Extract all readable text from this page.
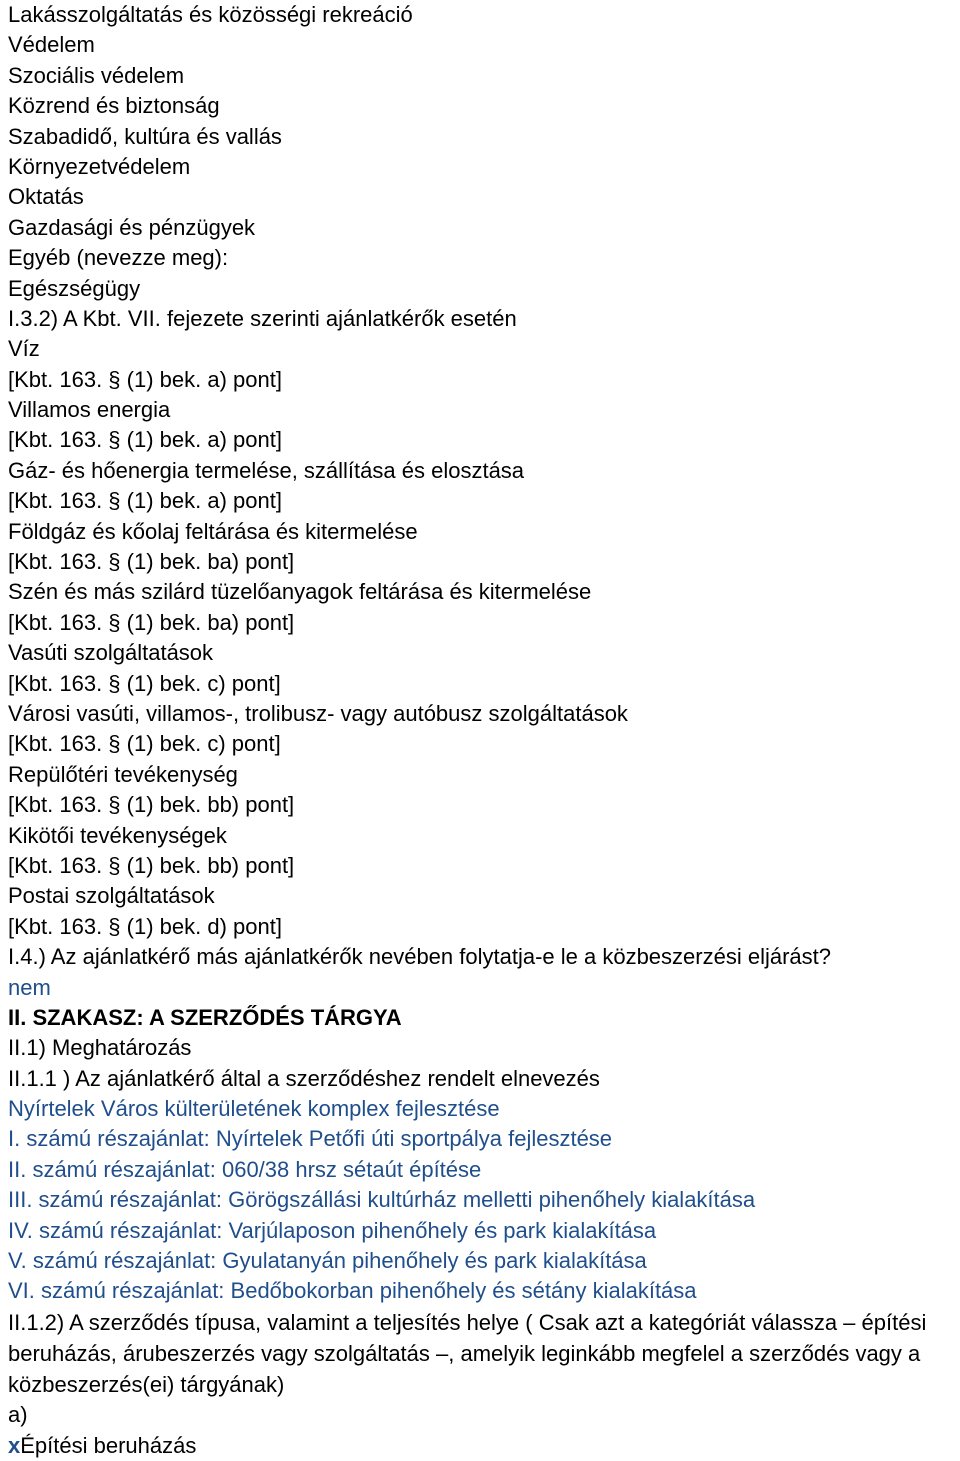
Lakásszolgáltatás és közösségi rekreáció
Védelem
Szociális védelem
Közrend és biztonság
Szabadidő, kultúra és vallás
Környezetvédelem
Oktatás
Gazdasági és pénzügyek
Egyéb (nevezze meg):
Egészségügy
I.3.2) A Kbt. VII. fejezete szerinti ajánlatkérők esetén
Víz
[Kbt. 163. § (1) bek. a) pont]
Villamos energia
[Kbt. 163. § (1) bek. a) pont]
Gáz- és hőenergia termelése, szállítása és elosztása
[Kbt. 163. § (1) bek. a) pont]
Földgáz és kőolaj feltárása és kitermelése
[Kbt. 163. § (1) bek. ba) pont]
Szén és más szilárd tüzelőanyagok feltárása és kitermelése
[Kbt. 163. § (1) bek. ba) pont]
Vasúti szolgáltatások
[Kbt. 163. § (1) bek. c) pont]
Városi vasúti, villamos-, trolibusz- vagy autóbusz szolgáltatások
[Kbt. 163. § (1) bek. c) pont]
Repülőtéri tevékenység
[Kbt. 163. § (1) bek. bb) pont]
Kikötői tevékenységek
[Kbt. 163. § (1) bek. bb) pont]
Postai szolgáltatások
[Kbt. 163. § (1) bek. d) pont]
I.4.) Az ajánlatkérő más ajánlatkérők nevében folytatja-e le a közbeszerzési eljárást?
nem
II. SZAKASZ: A SZERZŐDÉS TÁRGYA
II.1) Meghatározás
II.1.1 ) Az ajánlatkérő által a szerződéshez rendelt elnevezés
Nyírtelek Város külterületének komplex fejlesztése
I. számú részajánlat: Nyírtelek Petőfi úti sportpálya fejlesztése
II. számú részajánlat: 060/38 hrsz sétaút építése
III. számú részajánlat: Görögszállási kultúrház melletti pihenőhely kialakítása
IV. számú részajánlat: Varjúlaposon pihenőhely és park kialakítása
V. számú részajánlat: Gyulatanyán pihenőhely és park kialakítása
VI. számú részajánlat: Bedőbokorban pihenőhely és sétány kialakítása
II.1.2) A szerződés típusa, valamint a teljesítés helye ( Csak azt a kategóriát válassza – építési beruházás, árubeszerzés vagy szolgáltatás –, amelyik leginkább megfelel a szerződés vagy a közbeszerzés(ei) tárgyának)
a)
xÉpítési beruházás
